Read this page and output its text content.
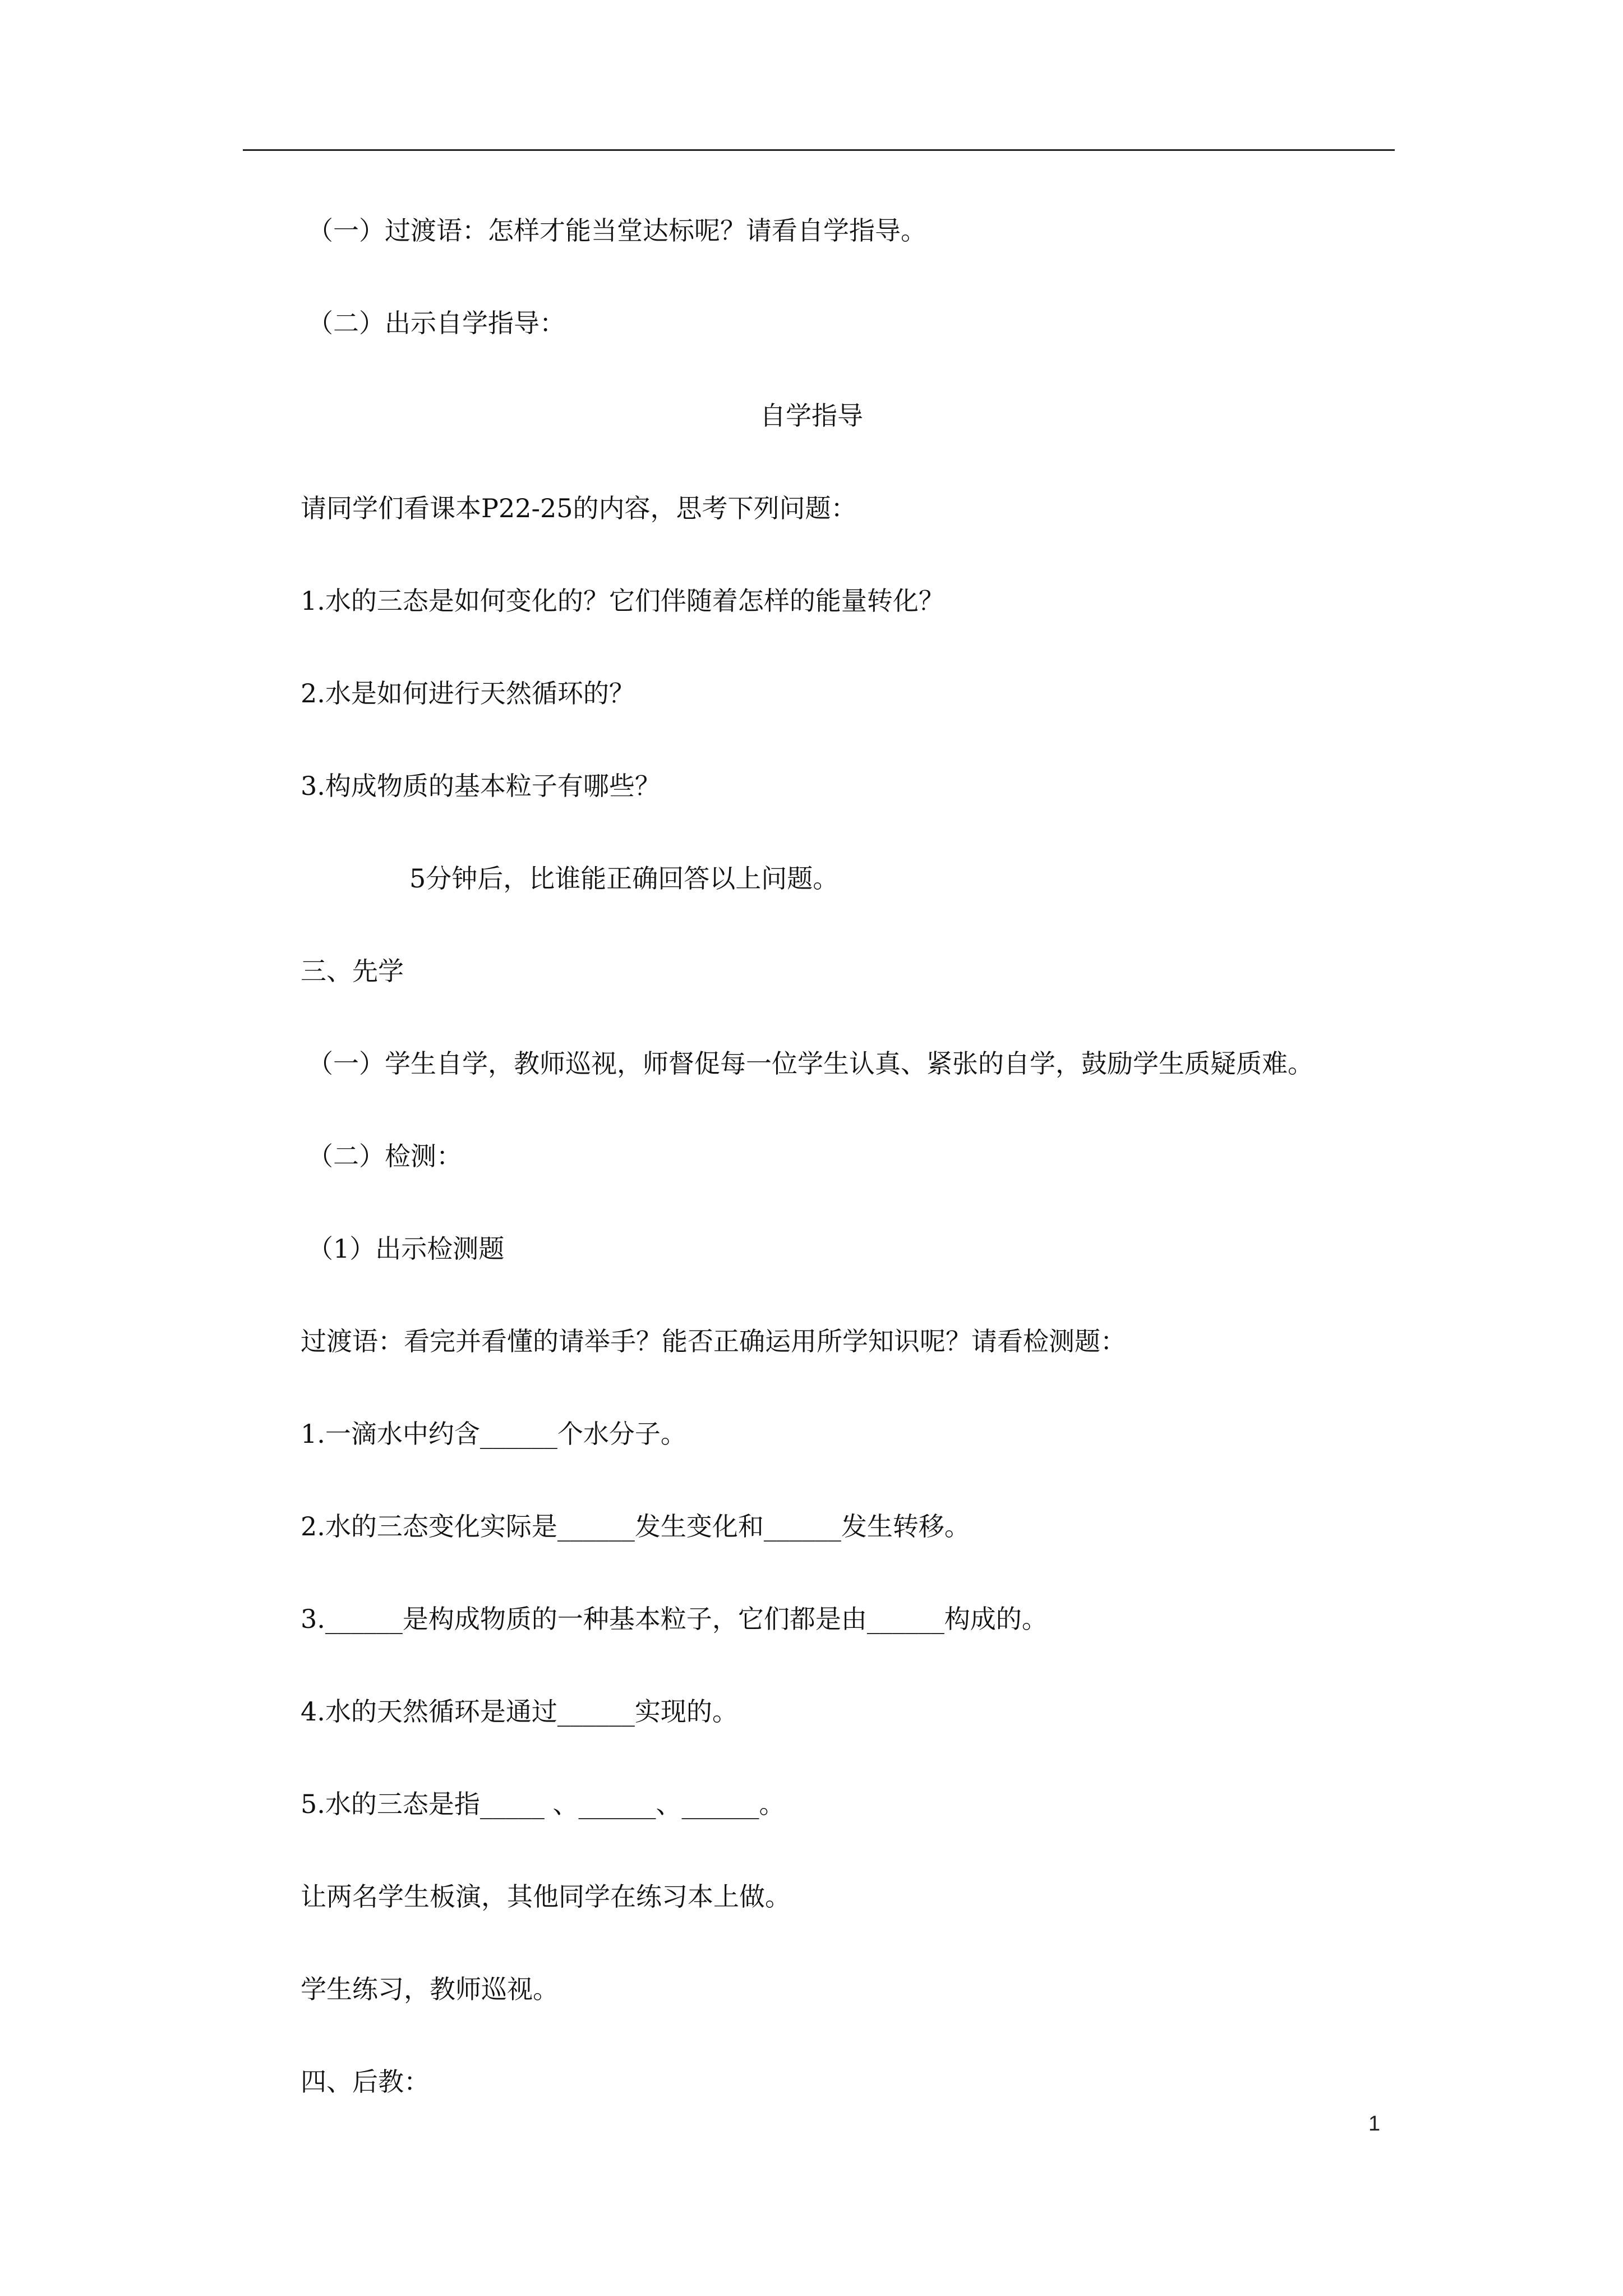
（一）过渡语：怎样才能当堂达标呢？请看自学指导。

（二）出示自学指导：

自学指导

请同学们看课本P22-25的内容，思考下列问题：

1.水的三态是如何变化的？它们伴随着怎样的能量转化？

2.水是如何进行天然循环的？

3.构成物质的基本粒子有哪些？

5分钟后，比谁能正确回答以上问题。

三、先学

（一）学生自学，教师巡视，师督促每一位学生认真、紧张的自学，鼓励学生质疑质难。

（二）检测：

（1）出示检测题

过渡语：看完并看懂的请举手？能否正确运用所学知识呢？请看检测题：

1.一滴水中约含______个水分子。

2.水的三态变化实际是______发生变化和______发生转移。

3.______是构成物质的一种基本粒子，它们都是由______构成的。

4.水的天然循环是通过______实现的。

5.水的三态是指_____ 、______、______。

让两名学生板演，其他同学在练习本上做。

学生练习，教师巡视。

四、后教：

1
